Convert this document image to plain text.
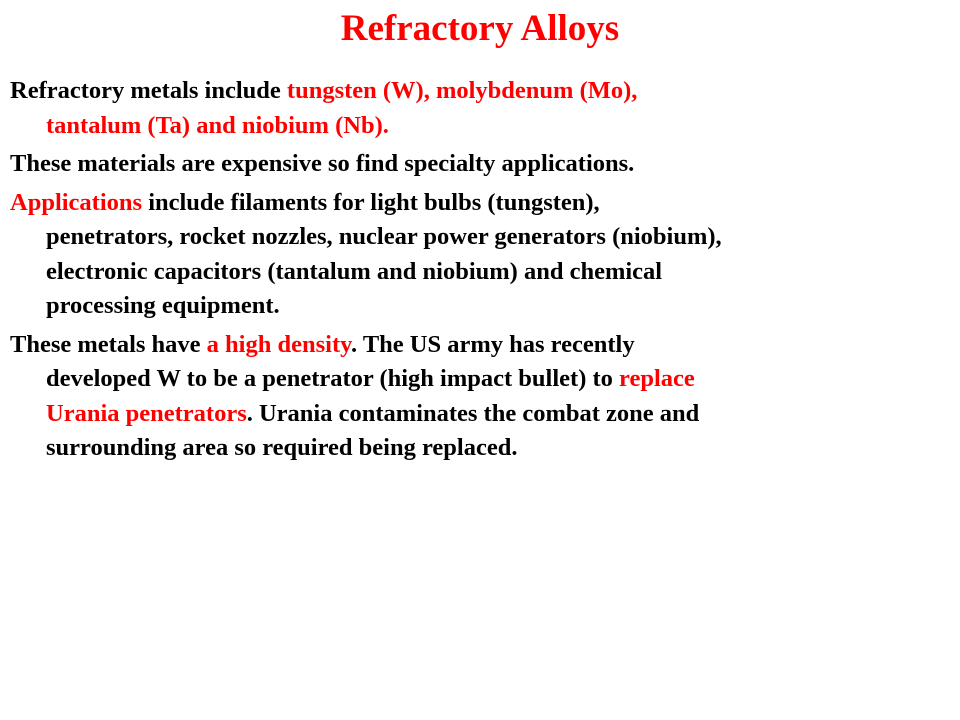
Refractory Alloys

Refractory metals include tungsten (W), molybdenum (Mo),
tantalum (Ta) and niobium (Nb).

These materials are expensive so find specialty applications.

Applications include filaments for light bulbs (tungsten),
penetrators, rocket nozzles, nuclear power generators (niobium),
electronic capacitors (tantalum and niobium) and chemical
processing equipment.

These metals have a high density. The US army has recently
developed W to be a penetrator (high impact bullet) to replace
Urania penetrators. Urania contaminates the combat zone and
surrounding area so required being replaced.
